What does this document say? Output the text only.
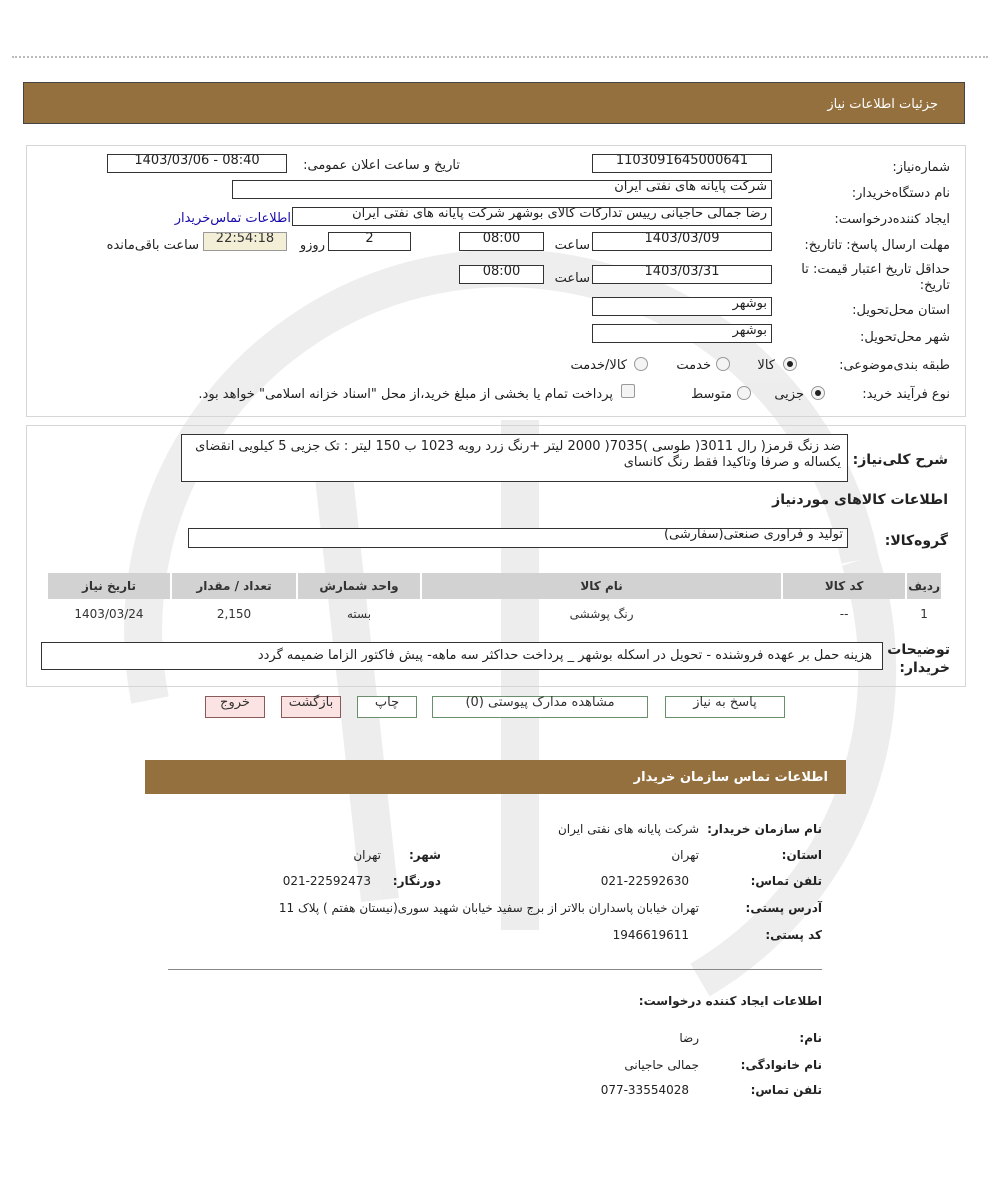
جزئيات اطلاعات نياز
شماره‌نیاز:
1103091645000641
تاریخ و ساعت اعلان عمومی:
1403/03/06 - 08:40
نام دستگاه‌خریدار:
شرکت پایانه های نفتی ایران
ایجاد کننده‌درخواست:
رضا جمالی حاجیانی رییس تدارکات کالای بوشهر شرکت پایانه های نفتی ایران
اطلاعات تماس‌خریدار
مهلت ارسال پاسخ: تاتاریخ:
1403/03/09
ساعت
08:00
2
روزو
22:54:18
ساعت باقی‌مانده
حداقل تاریخ اعتبار قیمت: تا تاریخ:
1403/03/31
ساعت
08:00
استان محل‌تحویل:
بوشهر
شهر محل‌تحویل:
بوشهر
طبقه بندی‌موضوعی:
کالا
خدمت
کالا/خدمت
نوع فرآیند خرید:
جزیی
متوسط
پرداخت تمام یا بخشی از مبلغ خرید،از محل "اسناد خزانه اسلامی" خواهد بود.
شرح کلی‌نیاز:
ضد زنگ قرمز( رال 3011( طوسی )7035( 2000 لیتر +رنگ زرد رویه 1023 ب 150 لیتر : تک جزیی 5 کیلویی انقضای یکساله و صرفا وتاکیدا فقط رنگ کانسای
اطلاعات کالاهای موردنیاز
گروه‌کالا:
تولید و فراوری صنعتی(سفارشی)
ردیف	کد کالا	نام کالا	واحد شمارش	تعداد / مقدار	تاریخ نیاز
1	--	رنگ پوششی	بسته	2,150	1403/03/24
توضیحات خریدار:
هزینه حمل بر عهده فروشنده - تحویل در اسکله بوشهر _ پرداخت حداکثر سه ماهه- پیش فاکتور الزاما ضمیمه گردد
پاسخ به نیاز
مشاهده مدارک پیوستی (0)
چاپ
بازگشت
خروج
اطلاعات تماس سازمان خریدار
نام سازمان خریدار:
شرکت پایانه های نفتی ایران
استان:
تهران
شهر:
تهران
تلفن تماس:
021-22592630
دورنگار:
021-22592473
آدرس پستی:
تهران خیابان پاسداران بالاتر از برج سفید خیابان شهید سوری(نیستان هفتم ) پلاک 11
کد پستی:
1946619611
اطلاعات ایجاد کننده درخواست:
نام:
رضا
نام خانوادگی:
جمالی حاجیانی
تلفن تماس:
077-33554028
